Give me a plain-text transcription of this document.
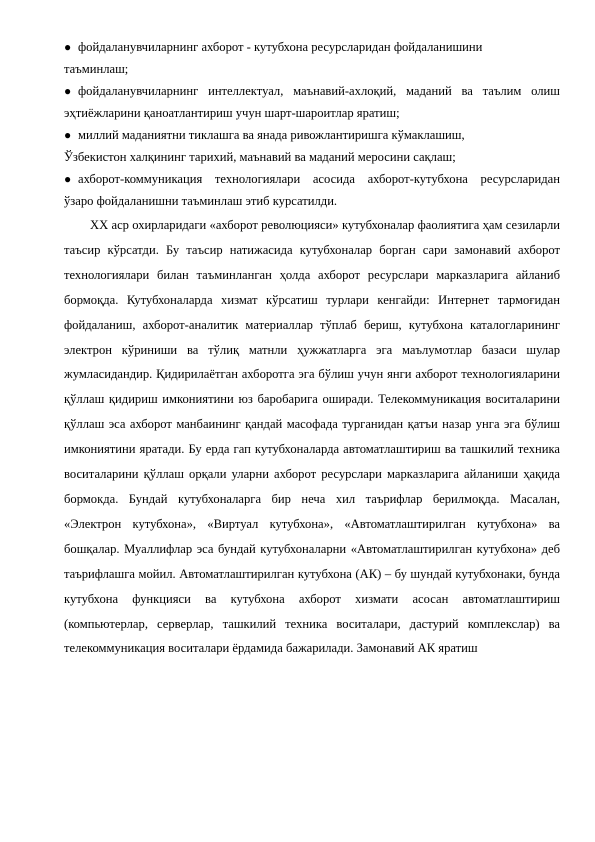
● фойдаланувчиларнинг ахборот - кутубхона ресурсларидан фойдаланишини
таъминлаш;
● фойдаланувчиларнинг интеллектуал, маънавий-ахлоқий, маданий ва таълим олиш
эҳтиёжларини қаноатлантириш учун шарт-шароитлар яратиш;
● миллий маданиятни тиклашга ва янада ривожлантиришга кўмаклашиш,
Ўзбекистон халқининг тарихий, маънавий ва маданий меросини сақлаш;
● ахборот-коммуникация технологиялари асосида ахборот-кутубхона ресурсларидан
ўзаро фойдаланишни таъминлаш этиб курсатилди.

XX аср охирларидаги «ахборот революцияси» кутубхоналар фаолиятига ҳам сезиларли таъсир кўрсатди. Бу таъсир натижасида кутубхоналар борган сари замонавий ахборот технологиялари билан таъминланган ҳолда ахборот ресурслари марказларига айланиб бормоқда. Кутубхоналарда хизмат кўрсатиш турлари кенгайди: Интернет тармоғидан фойдаланиш, ахборот-аналитик материаллар тўплаб бериш, кутубхона каталогларининг электрон кўриниши ва тўлиқ матнли ҳужжатларга эга маълумотлар базаси шулар жумласидандир. Қидирилаётган ахборотга эга бўлиш учун янги ахборот технологияларини қўллаш қидириш имкониятини юз баробарига оширади. Телекоммуникация воситаларини қўллаш эса ахборот манбаининг қандай масофада турганидан қатъи назар унга эга бўлиш имкониятини яратади. Бу ерда гап кутубхоналарда автоматлаштириш ва ташкилий техника воситаларини қўллаш орқали уларни ахборот ресурслари марказларига айланиши ҳақида бормокда. Бундай кутубхоналарга бир неча хил таърифлар берилмоқда. Масалан, «Электрон кутубхона», «Виртуал кутубхона», «Автоматлаштирилган кутубхона» ва бошқалар. Муаллифлар эса бундай кутубхоналарни «Автоматлаштирилган кутубхона» деб таърифлашга мойил. Автоматлаштирилган кутубхона (АК) – бу шундай кутубхонаки, бунда кутубхона функцияси ва кутубхона ахборот хизмати асосан автоматлаштириш (компьютерлар, серверлар, ташкилий техника воситалари, дастурий комплекслар) ва телекоммуникация воситалари ёрдамида бажарилади. Замонавий АК яратиш
